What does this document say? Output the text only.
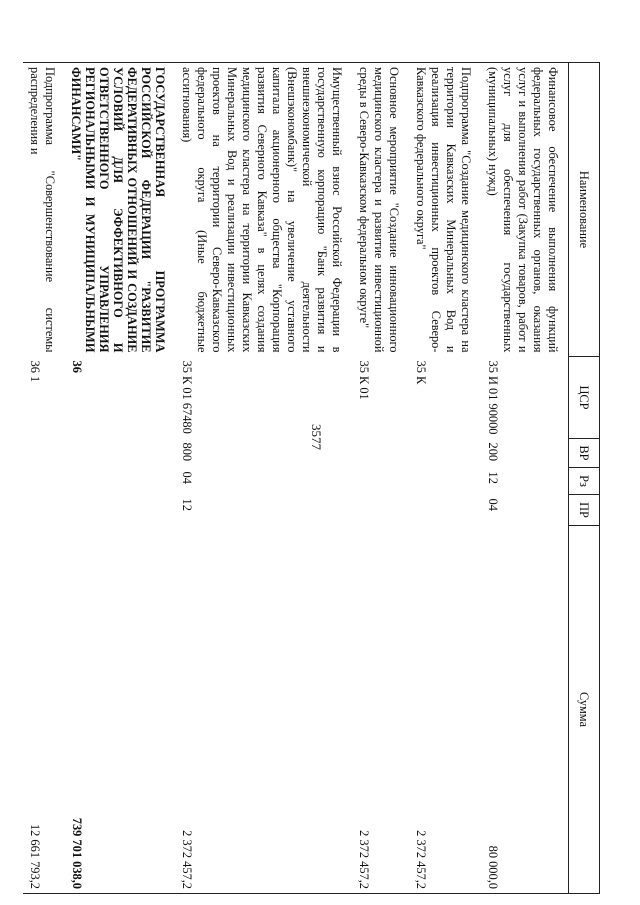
3577
Наименование	ЦСР	ВР	Рз	ПР	Сумма
Финансовое обеспечение выполнения функций федеральных государственных органов, оказания услуг и выполнения работ (Закупка товаров, работ и услуг для обеспечения государственных (муниципальных) нужд)	35 И 01 90000	200	12	04	80 000,0
Подпрограмма "Создание медицинского кластера на территории Кавказских Минеральных Вод и реализация инвестиционных проектов Северо-Кавказского федерального округа"	35 К				2 372 457,2
Основное мероприятие "Создание инновационного медицинского кластера и развитие инвестиционной среды в Северо-Кавказском федеральном округе"	35 К 01				2 372 457,2
Имущественный взнос Российской Федерации в государственную корпорацию "Банк развития и внешнеэкономической деятельности (Внешэкономбанк)" на увеличение уставного капитала акционерного общества "Корпорация развития Северного Кавказа" в целях создания медицинского кластера на территории Кавказских Минеральных Вод и реализации инвестиционных проектов на территории Северо-Кавказского федерального округа (Иные бюджетные ассигнования)	35 К 01 67480	800	04	12	2 372 457,2
ГОСУДАРСТВЕННАЯ ПРОГРАММА РОССИЙСКОЙ ФЕДЕРАЦИИ "РАЗВИТИЕ ФЕДЕРАТИВНЫХ ОТНОШЕНИЙ И СОЗДАНИЕ УСЛОВИЙ ДЛЯ ЭФФЕКТИВНОГО И ОТВЕТСТВЕННОГО УПРАВЛЕНИЯ РЕГИОНАЛЬНЫМИ И МУНИЦИПАЛЬНЫМИ ФИНАНСАМИ"	36				739 701 038,0
Подпрограмма "Совершенствование системы распределения и	36 1				12 661 793,2
